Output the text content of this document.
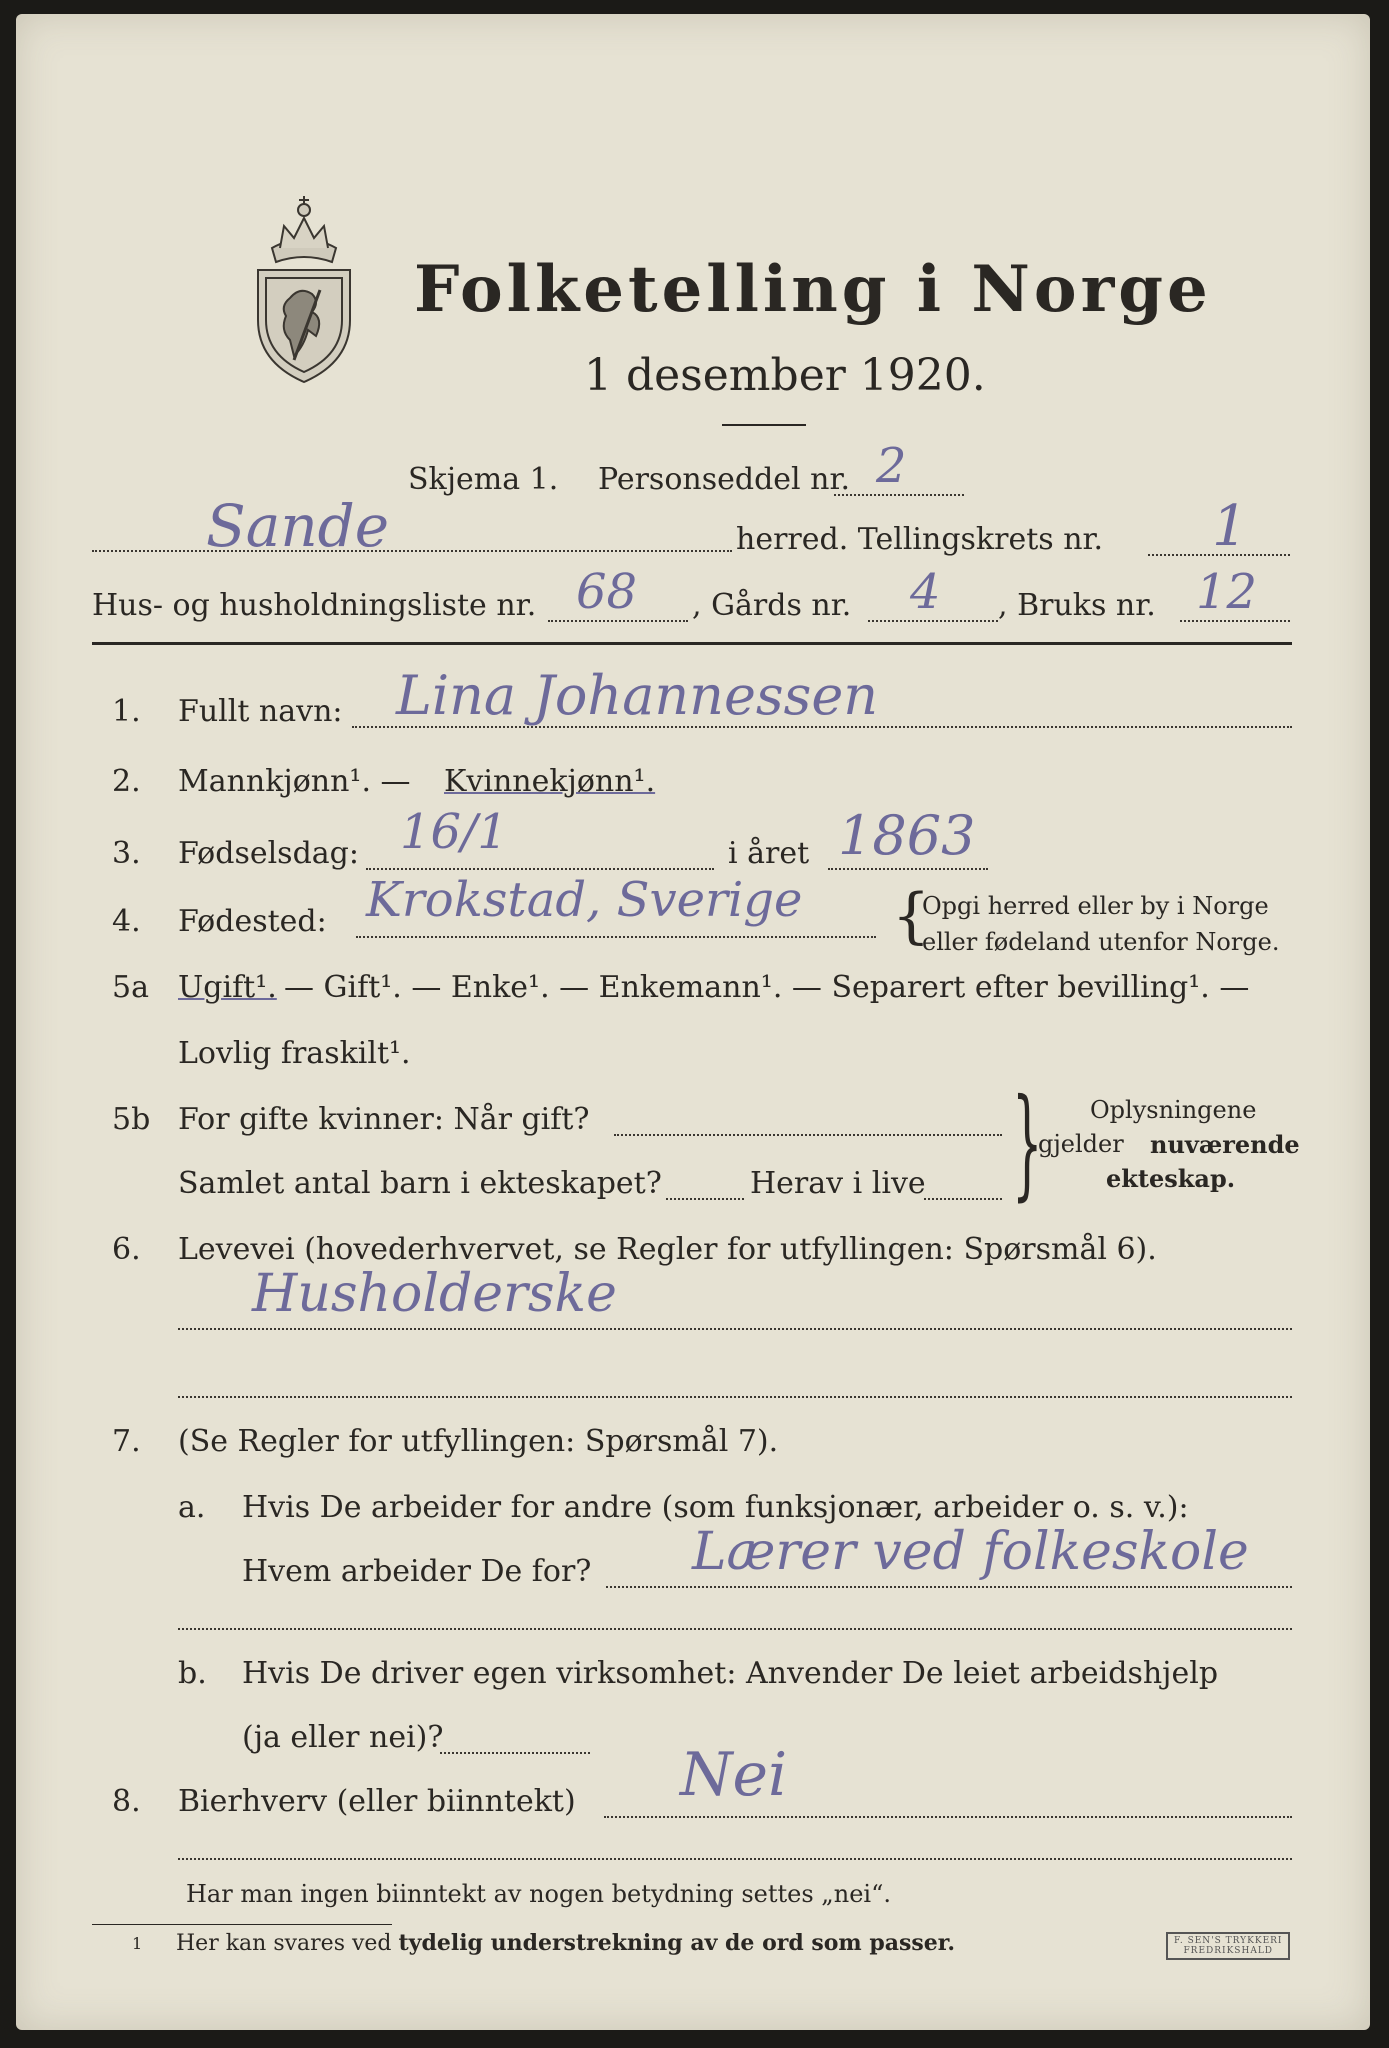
Folketelling i Norge
1 desember 1920.
Skjema 1. Personseddel nr. 2
Sande	herred. Tellingskrets nr. 1
Hus- og husholdningsliste nr. 68 , Gårds nr. 4 , Bruks nr. 12
1. Fullt navn: Lina Johannessen
2. Mannkjønn¹. — Kvinnekjønn¹.
3. Fødselsdag: 16/1	i året 1863
4. Fødested: Krokstad, Sverige {
Opgi herred eller by i Norge
eller fødeland utenfor Norge.
5a Ugift¹. — Gift¹. — Enke¹. — Enkemann¹. — Separert efter bevilling¹. —
Lovlig fraskilt¹.
5b For gifte kvinner: Når gift?
Samlet antal barn i ekteskapet?	Herav i live } Oplysningene
gjelder nuværende
ekteskap.
6. Levevei (hovederhvervet, se Regler for utfyllingen: Spørsmål 6).
Husholderske
7. (Se Regler for utfyllingen: Spørsmål 7).
a. Hvis De arbeider for andre (som funksjonær, arbeider o. s. v.):
Hvem arbeider De for? Lærer ved folkeskole
b. Hvis De driver egen virksomhet: Anvender De leiet arbeidshjelp
(ja eller nei)?
8. Bierhverv (eller biinntekt) Nei
Har man ingen biinntekt av nogen betydning settes „nei“.
1 Her kan svares ved tydelig understrekning av de ord som passer.	F. SEN'S TRYKKERI
FREDRIKSHALD
